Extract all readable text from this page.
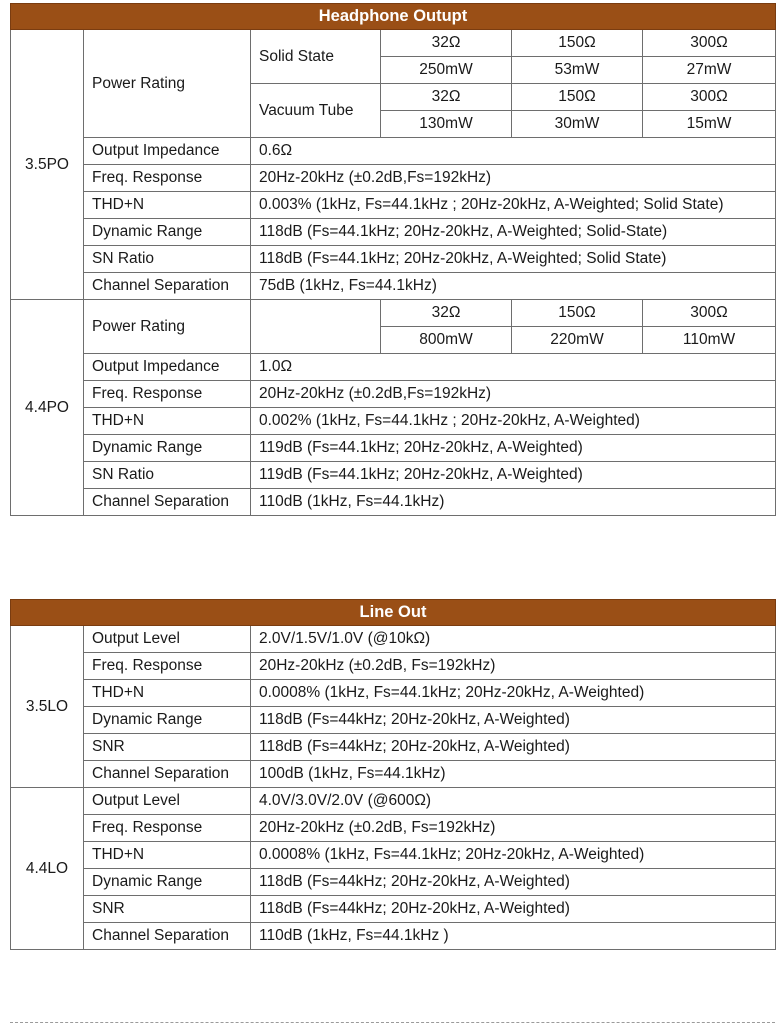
Headphone Outupt					
3.5PO	Power Rating	Solid State	32Ω	150Ω	300Ω
			250mW	53mW	27mW
		Vacuum Tube	32Ω	150Ω	300Ω
			130mW	30mW	15mW
	Output Impedance	0.6Ω			
	Freq. Response	20Hz-20kHz (±0.2dB,Fs=192kHz)			
	THD+N	0.003% (1kHz, Fs=44.1kHz ; 20Hz-20kHz, A-Weighted; Solid State)			
	Dynamic Range	118dB (Fs=44.1kHz; 20Hz-20kHz, A-Weighted; Solid-State)			
	SN Ratio	118dB (Fs=44.1kHz; 20Hz-20kHz, A-Weighted; Solid State)			
	Channel Separation	75dB (1kHz, Fs=44.1kHz)			
4.4PO	Power Rating		32Ω	150Ω	300Ω
			800mW	220mW	110mW
	Output Impedance	1.0Ω			
	Freq. Response	20Hz-20kHz (±0.2dB,Fs=192kHz)			
	THD+N	0.002% (1kHz, Fs=44.1kHz ; 20Hz-20kHz, A-Weighted)			
	Dynamic Range	119dB (Fs=44.1kHz; 20Hz-20kHz, A-Weighted)			
	SN Ratio	119dB (Fs=44.1kHz; 20Hz-20kHz, A-Weighted)			
	Channel Separation	110dB (1kHz, Fs=44.1kHz)			
Line Out		
3.5LO	Output Level	2.0V/1.5V/1.0V (@10kΩ)
	Freq. Response	20Hz-20kHz (±0.2dB, Fs=192kHz)
	THD+N	0.0008% (1kHz, Fs=44.1kHz; 20Hz-20kHz, A-Weighted)
	Dynamic Range	118dB (Fs=44kHz; 20Hz-20kHz, A-Weighted)
	SNR	118dB (Fs=44kHz; 20Hz-20kHz, A-Weighted)
	Channel Separation	100dB (1kHz, Fs=44.1kHz)
4.4LO	Output Level	4.0V/3.0V/2.0V (@600Ω)
	Freq. Response	20Hz-20kHz (±0.2dB, Fs=192kHz)
	THD+N	0.0008% (1kHz, Fs=44.1kHz; 20Hz-20kHz, A-Weighted)
	Dynamic Range	118dB (Fs=44kHz; 20Hz-20kHz, A-Weighted)
	SNR	118dB (Fs=44kHz; 20Hz-20kHz, A-Weighted)
	Channel Separation	110dB (1kHz, Fs=44.1kHz )
